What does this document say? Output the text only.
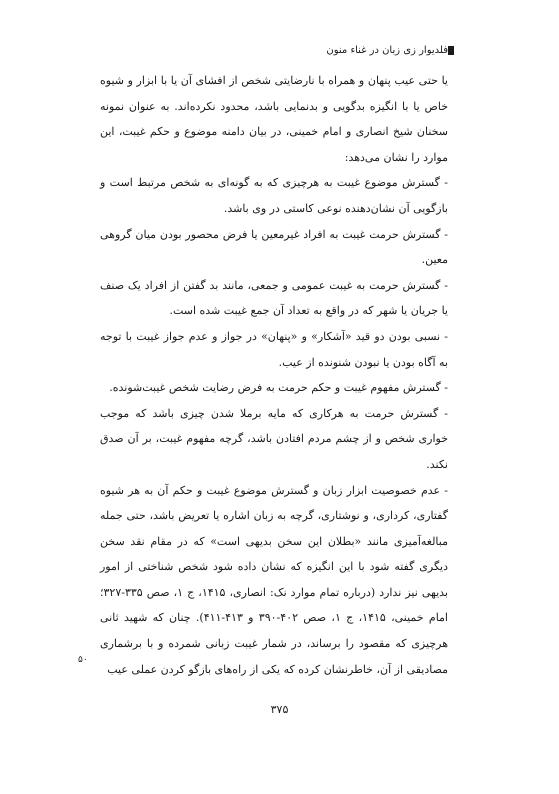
فلدیوار زی زبان در غناء منون

یا حتی عیب پنهان و همراه با نارضایتی شخص از افشای آن یا با ابزار و شیوه خاص یا با انگیزه بدگویی و بدنمایی باشد، محدود نکرده‌اند. به عنوان نمونه سخنان شیخ انصاری و امام خمینی، در بیان دامنه موضوع و حکم غیبت، این موارد را نشان می‌دهد:

- گسترش موضوع غیبت به هرچیزی که به گونه‌ای به شخص مرتبط است و بازگویی آن نشان‌دهنده نوعی کاستی در وی باشد.

- گسترش حرمت غیبت به افراد غیرمعین یا فرض محصور بودن میان گروهی معین.

- گسترش حرمت به غیبت عمومی و جمعی، مانند بد گفتن از افراد یک صنف یا جریان یا شهر که در واقع به تعداد آن جمع غیبت شده است.

- نسبی بودن دو قید «آشکار» و «پنهان» در جواز و عدم جواز غیبت با توجه به آگاه بودن یا نبودن شنونده از عیب.

- گسترش مفهوم غیبت و حکم حرمت به فرض رضایت شخص غیبت‌شونده.

- گسترش حرمت به هرکاری که مایه برملا شدن چیزی باشد که موجب خواری شخص و از چشم مردم افتادن باشد، گرچه مفهوم غیبت، بر آن صدق نکند.

- عدم خصوصیت ابزار زبان و گسترش موضوع غیبت و حکم آن به هر شیوه گفتاری، کرداری، و نوشتاری، گرچه به زبان اشاره یا تعریض باشد، حتی جمله مبالغه‌آمیزی مانند «بطلان این سخن بدیهی است» که در مقام نقد سخن دیگری گفته شود با این انگیزه که نشان داده شود شخص شناختی از امور بدیهی نیز ندارد (درباره تمام موارد نک: انصاری، ۱۴۱۵، ج ۱، صص ۳۳۵-۳۲۷؛ امام خمینی، ۱۴۱۵، ج ۱، صص ۴۰۲-۳۹۰ و ۴۱۳-۴۱۱). چنان که شهید ثانی هرچیزی که مقصود را برساند، در شمار غیبت زبانی شمرده و با برشماری مصادیقی از آن، خاطرنشان کرده که یکی از راه‌های بازگو کردن عملی عیب

۵۰
۳۷۵
